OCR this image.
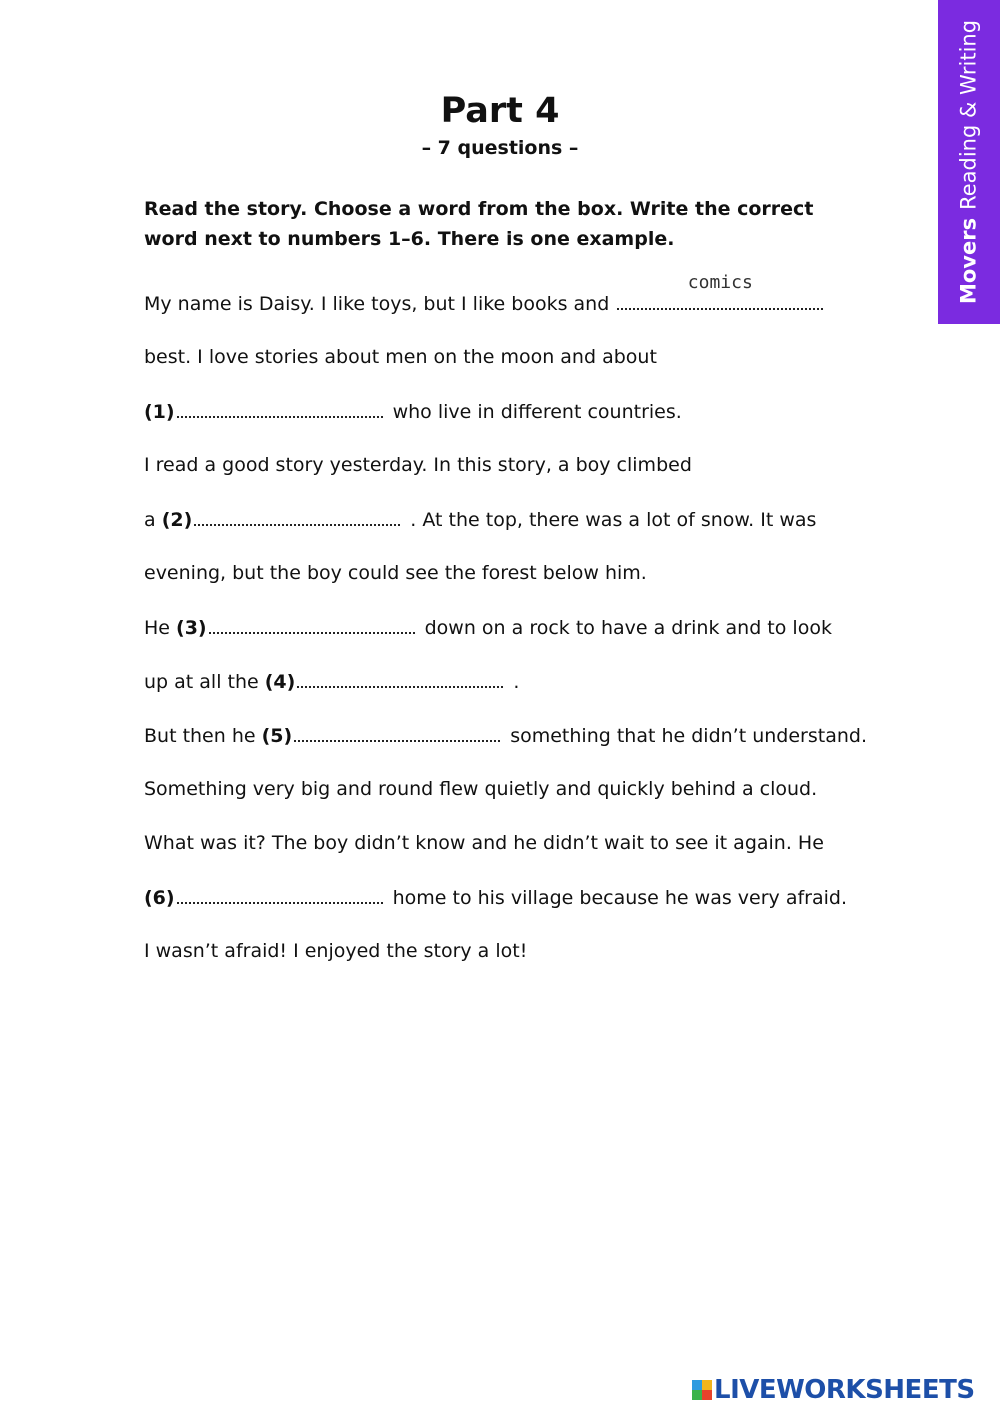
MoversReading & Writing
Part 4
– 7 questions –
Read the story. Choose a word from the box. Write the correct word next to numbers 1–6. There is one example.
My name is Daisy. I like toys, but I like books and
comics
best. I love stories about men on the moon and about
(1)	who live in different countries.
I read a good story yesterday. In this story, a boy climbed
a (2)	. At the top, there was a lot of snow. It was
evening, but the boy could see the forest below him.
He (3)	down on a rock to have a drink and to look
up at all the (4)	.
But then he (5)	something that he didn’t understand.
Something very big and round flew quietly and quickly behind a cloud.
What was it? The boy didn’t know and he didn’t wait to see it again. He
(6)	home to his village because he was very afraid.
I wasn’t afraid! I enjoyed the story a lot!
LIVEWORKSHEETS
